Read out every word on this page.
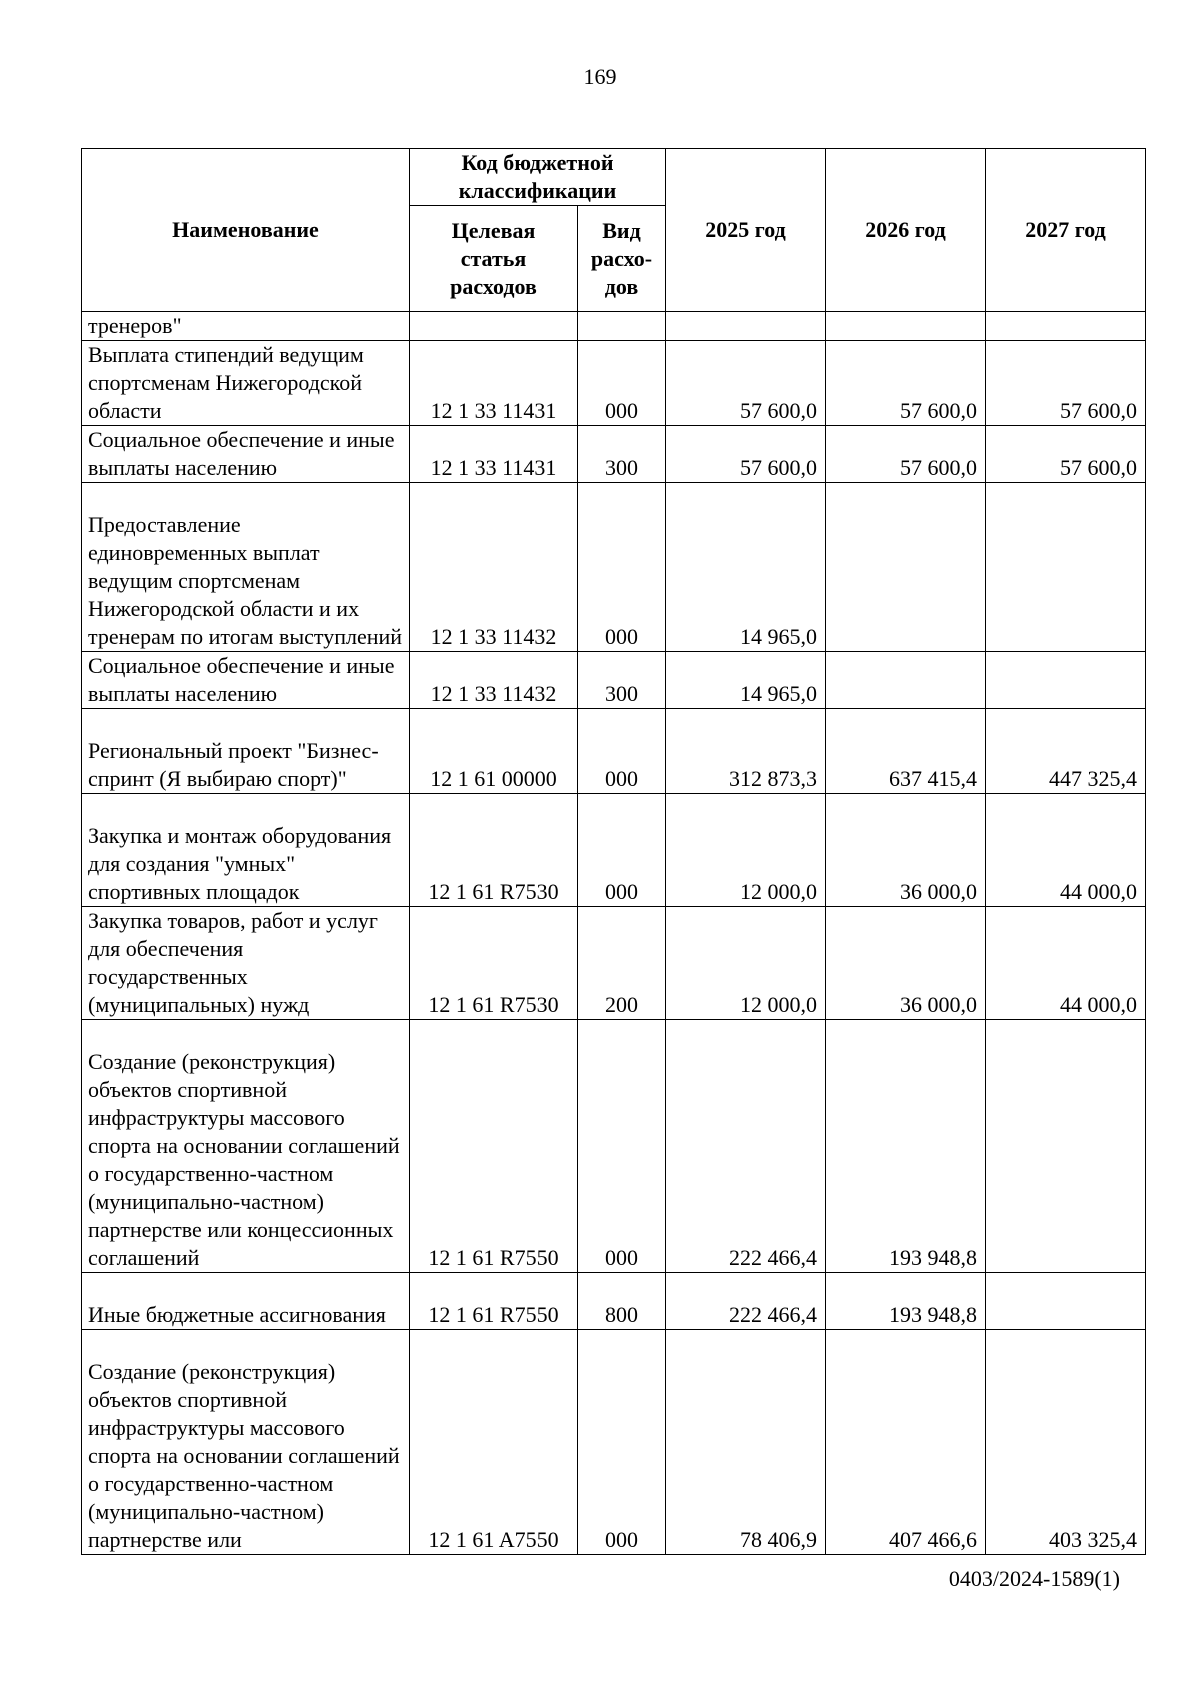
169
Наименование	Код бюджетной классификации		2025 год	2026 год	2027 год
	Целевая статья расходов	Вид расхо-дов			
тренеров"					
Выплата стипендий ведущим спортсменам Нижегородской области	12 1 33 11431	000	57 600,0	57 600,0	57 600,0
Социальное обеспечение и иные выплаты населению	12 1 33 11431	300	57 600,0	57 600,0	57 600,0
Предоставление единовременных выплат ведущим спортсменам Нижегородской области и их тренерам по итогам выступлений	12 1 33 11432	000	14 965,0		
Социальное обеспечение и иные выплаты населению	12 1 33 11432	300	14 965,0		
Региональный проект "Бизнес-спринт (Я выбираю спорт)"	12 1 61 00000	000	312 873,3	637 415,4	447 325,4
Закупка и монтаж оборудования для создания "умных" спортивных площадок	12 1 61 R7530	000	12 000,0	36 000,0	44 000,0
Закупка товаров, работ и услуг для обеспечения государственных (муниципальных) нужд	12 1 61 R7530	200	12 000,0	36 000,0	44 000,0
Создание (реконструкция) объектов спортивной инфраструктуры массового спорта на основании соглашений о государственно-частном (муниципально-частном) партнерстве или концессионных соглашений	12 1 61 R7550	000	222 466,4	193 948,8	
Иные бюджетные ассигнования	12 1 61 R7550	800	222 466,4	193 948,8	
Создание (реконструкция) объектов спортивной инфраструктуры массового спорта на основании соглашений о государственно-частном (муниципально-частном) партнерстве или	12 1 61 A7550	000	78 406,9	407 466,6	403 325,4
0403/2024-1589(1)
